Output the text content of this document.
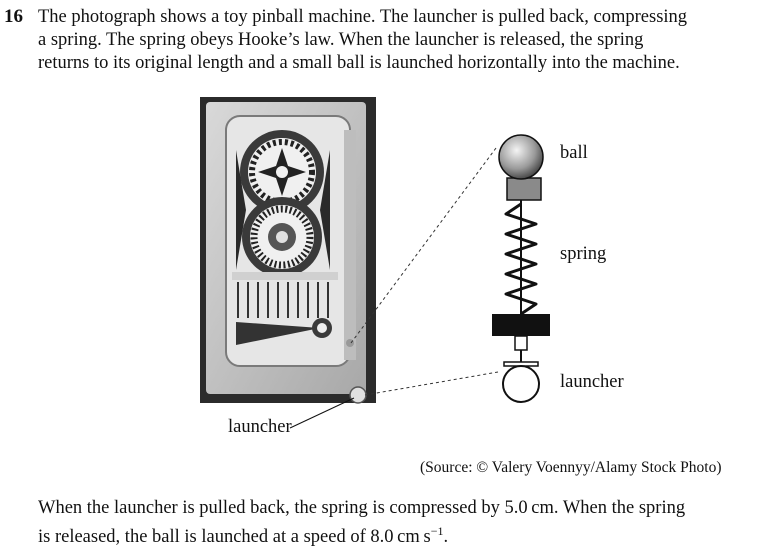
16 The photograph shows a toy pinball machine. The launcher is pulled back, compressing
a spring. The spring obeys Hooke’s law. When the launcher is released, the spring
returns to its original length and a small ball is launched horizontally into the machine.

ball
spring
launcher
launcher
(Source: © Valery Voennyy/Alamy Stock Photo)

When the launcher is pulled back, the spring is compressed by 5.0 cm. When the spring
is released, the ball is launched at a speed of 8.0 cm $s^{-1}$.
